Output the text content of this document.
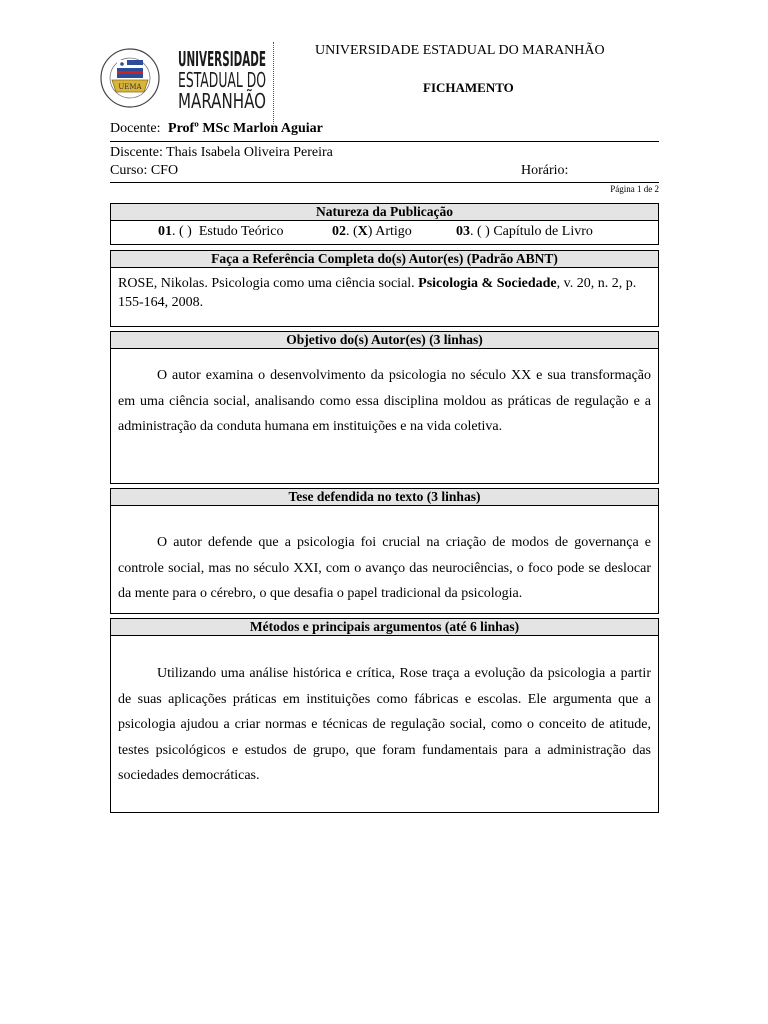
UEMA
UNIVERSIDADE
ESTADUAL DO
MARANHÃO
UNIVERSIDADE ESTADUAL DO MARANHÃO
FICHAMENTO
Docente: Profº MSc Marlon Aguiar
Discente: Thais Isabela Oliveira Pereira
Curso: CFO	Horário:
Página 1 de 2
Natureza da Publicação
01. ( ) Estudo Teórico	02. (X) Artigo	03. ( ) Capítulo de Livro
Faça a Referência Completa do(s) Autor(es) (Padrão ABNT)
ROSE, Nikolas. Psicologia como uma ciência social. Psicologia & Sociedade, v. 20, n. 2, p. 155-164, 2008.
Objetivo do(s) Autor(es) (3 linhas)
O autor examina o desenvolvimento da psicologia no século XX e sua transformação em uma ciência social, analisando como essa disciplina moldou as práticas de regulação e a administração da conduta humana em instituições e na vida coletiva.
Tese defendida no texto (3 linhas)
O autor defende que a psicologia foi crucial na criação de modos de governança e controle social, mas no século XXI, com o avanço das neurociências, o foco pode se deslocar da mente para o cérebro, o que desafia o papel tradicional da psicologia.
Métodos e principais argumentos (até 6 linhas)
Utilizando uma análise histórica e crítica, Rose traça a evolução da psicologia a partir de suas aplicações práticas em instituições como fábricas e escolas. Ele argumenta que a psicologia ajudou a criar normas e técnicas de regulação social, como o conceito de atitude, testes psicológicos e estudos de grupo, que foram fundamentais para a administração das sociedades democráticas.
